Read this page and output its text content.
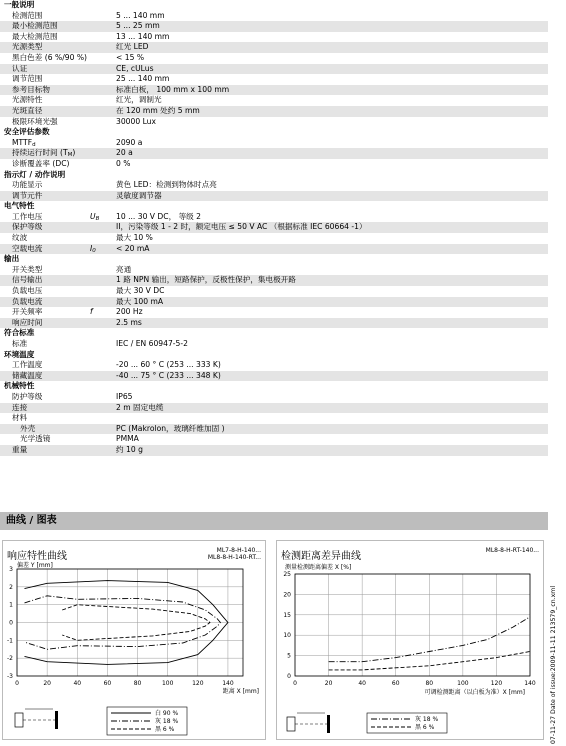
一般说明
检测范围	5 ... 140 mm
最小检测范围	5 ... 25 mm
最大检测范围	13 ... 140 mm
光源类型	红光 LED
黑白色差 (6 %/90 %)	< 15 %
认证	CE, cULus
调节范围	25 ... 140 mm
参考目标物	标准白板， 100 mm x 100 mm
光源特性	红光，调制光
光斑直径	在 120 mm 处约 5 mm
极限环境光强	30000 Lux
安全评估参数
$MTTF_d$	2090 a
持续运行时间 $(T_M)$	20 a
诊断覆盖率 (DC)	0 %
指示灯 / 动作说明
功能显示	黄色 LED：检测到物体时点亮
调节元件	灵敏度调节器
电气特性
工作电压	$U_B$ 10 ... 30 V DC， 等级 2
保护等级	II，污染等级 1 - 2 时，额定电压 ≤ 50 V AC （根据标准 IEC 60664 -1）
纹波	最大 10 %
空载电流	$I_0$	< 20 mA
输出
开关类型	亮通
信号输出	1 路 NPN 输出，短路保护，反极性保护，集电极开路
负载电压	最大 30 V DC
负载电流	最大 100 mA
开关频率	f	200 Hz
响应时间	2.5 ms
符合标准
标准	IEC / EN 60947-5-2
环境温度
工作温度	-20 ... 60 ° C (253 ... 333 K)
储藏温度	-40 ... 75 ° C (233 ... 348 K)
机械特性
防护等级	IP65
连接	2 m 固定电缆
材料
外壳	PC (Makrolon，玻璃纤维加固 )
光学透镜	PMMA
重量	约 10 g
曲线 / 图表
响应特性曲线
ML7-8-H-140...
ML8-8-H-140-RT...
0	20	40	60	80	100	120	140
-3
-2
-1
0
1
2
3
偏差 Y [mm]
距离 X [mm]
白 90 %
灰 18 %
黑 6 %
检测距离差异曲线
ML8-8-H-RT-140...
0	20	40	60	80	100	120	140
0
5
10
15
20
25
测量检测距离偏差 X [%]
可调检测距离（以白板为准）X [mm]
灰 18 %
黑 6 %	07-11-27 Date of issue:2009-11-11 213579_cn.xml
